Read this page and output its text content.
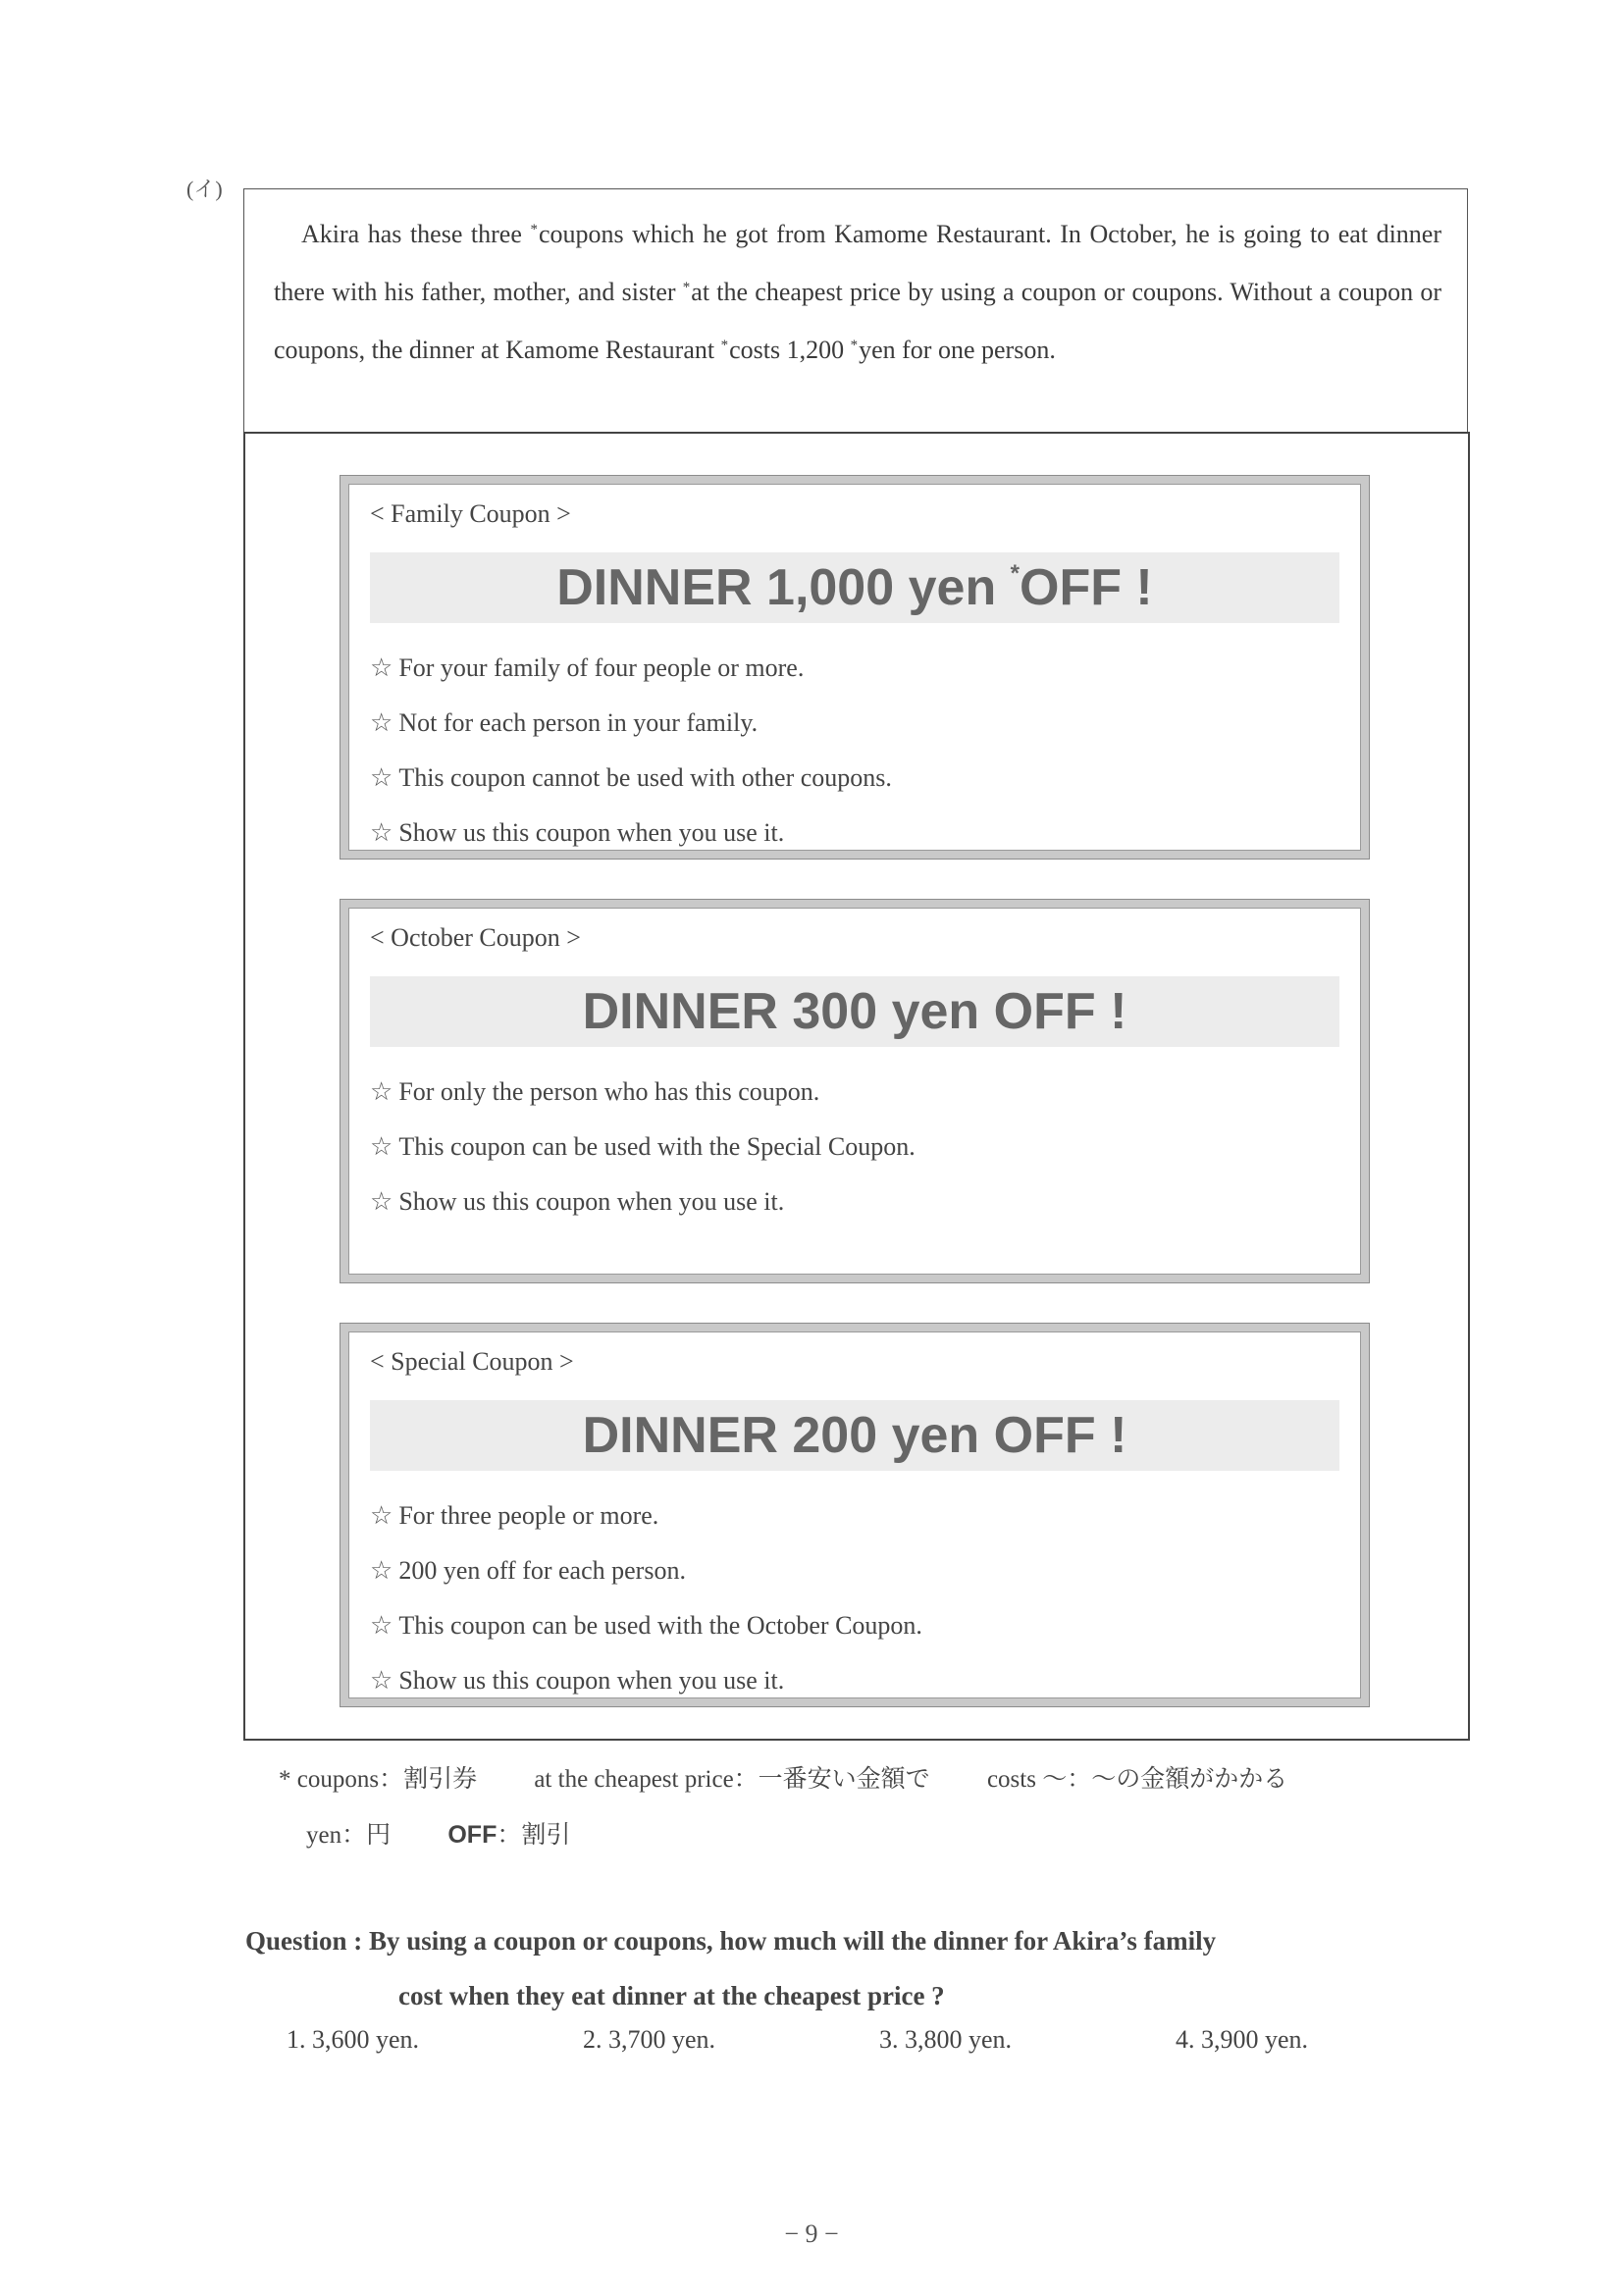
(イ)

Akira has these three *coupons which he got from Kamome Restaurant. In October, he is going to eat dinner there with his father, mother, and sister *at the cheapest price by using a coupon or coupons. Without a coupon or coupons, the dinner at Kamome Restaurant *costs 1,200 *yen for one person.

< Family Coupon >
DINNER 1,000 yen *OFF !
☆ For your family of four people or more.
☆ Not for each person in your family.
☆ This coupon cannot be used with other coupons.
☆ Show us this coupon when you use it.
< October Coupon >
DINNER 300 yen OFF !
☆ For only the person who has this coupon.
☆ This coupon can be used with the Special Coupon.
☆ Show us this coupon when you use it.
< Special Coupon >
DINNER 200 yen OFF !
☆ For three people or more.
☆ 200 yen off for each person.
☆ This coupon can be used with the October Coupon.
☆ Show us this coupon when you use it.
* coupons：割引券 at the cheapest price：一番安い金額で costs 〜：〜の金額がかかる
yen：円 OFF：割引
Question : By using a coupon or coupons, how much will the dinner for Akira’s family
cost when they eat dinner at the cheapest price ?
1. 3,600 yen.	2. 3,700 yen.	3. 3,800 yen.	4. 3,900 yen.
− 9 −
